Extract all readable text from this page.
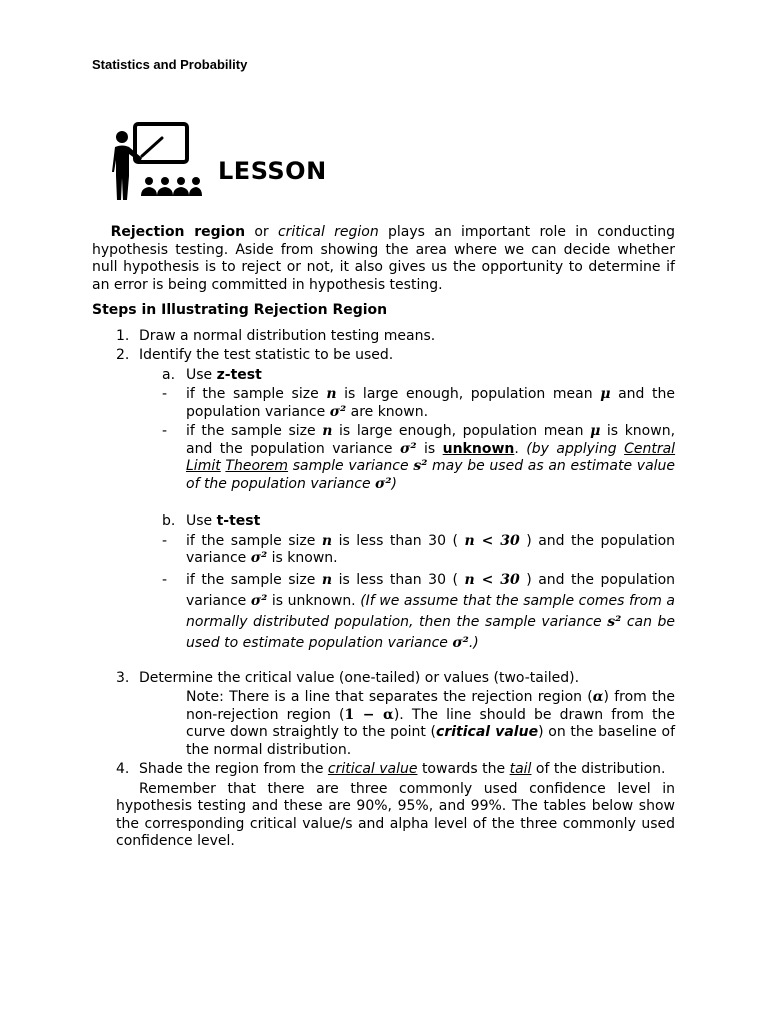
Statistics and Probability
LESSON

Rejection region or critical region plays an important role in conducting hypothesis testing. Aside from showing the area where we can decide whether null hypothesis is to reject or not, it also gives us the opportunity to determine if an error is being committed in hypothesis testing.

Steps in Illustrating Rejection Region
1. Draw a normal distribution testing means.
2. Identify the test statistic to be used.
a. Use z-test
- if the sample size n is large enough, population mean μ and the population variance σ² are known.
- if the sample size n is large enough, population mean μ is known, and the population variance σ² is unknown. (by applying Central Limit Theorem sample variance s² may be used as an estimate value of the population variance σ²)
b. Use t-test
- if the sample size n is less than 30 ( n < 30 ) and the population variance σ² is known.
- if the sample size n is less than 30 ( n < 30 ) and the population variance σ² is unknown. (If we assume that the sample comes from a normally distributed population, then the sample variance s² can be used to estimate population variance σ².)
3. Determine the critical value (one-tailed) or values (two-tailed).
Note: There is a line that separates the rejection region (α) from the non-rejection region (1 − α). The line should be drawn from the curve down straightly to the point (critical value) on the baseline of the normal distribution.
4. Shade the region from the critical value towards the tail of the distribution.
Remember that there are three commonly used confidence level in hypothesis testing and these are 90%, 95%, and 99%. The tables below show the corresponding critical value/s and alpha level of the three commonly used confidence level.
